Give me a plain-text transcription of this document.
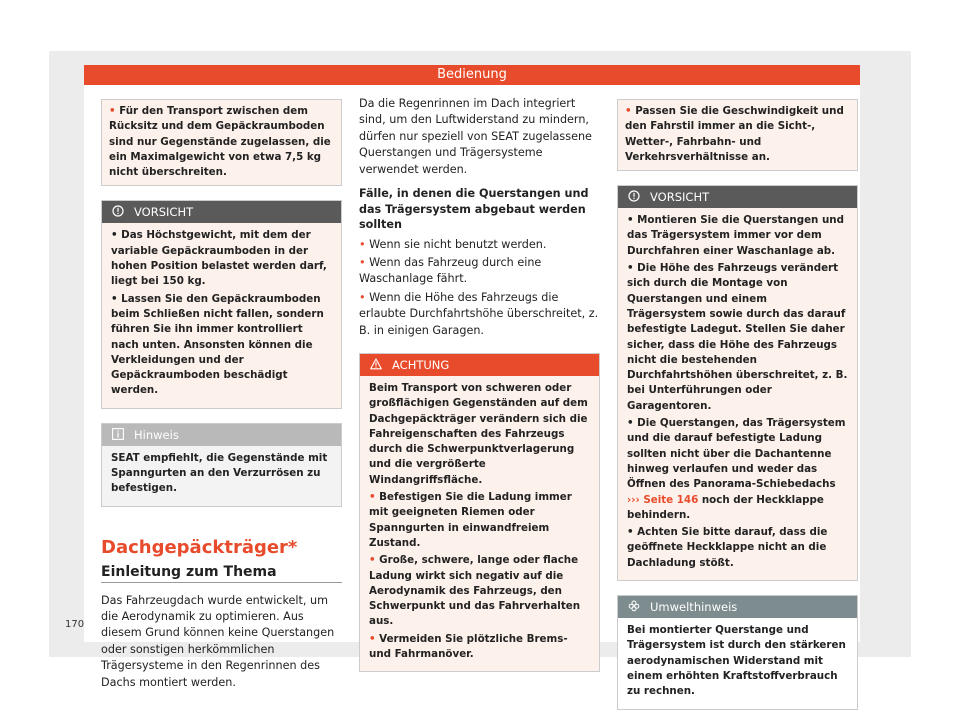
Bedienung
• Für den Transport zwischen dem Rücksitz und dem Gepäckraumboden sind nur Gegenstände zugelassen, die ein Maximalgewicht von etwa 7,5 kg nicht überschreiten.
VORSICHT

• Das Höchstgewicht, mit dem der variable Gepäckraumboden in der hohen Position belastet werden darf, liegt bei 150 kg.

• Lassen Sie den Gepäckraumboden beim Schließen nicht fallen, sondern führen Sie ihn immer kontrolliert nach unten. Ansonsten können die Verkleidungen und der Gepäckraumboden beschädigt werden.

Hinweis

SEAT empfiehlt, die Gegenstände mit Spanngurten an den Verzurrösen zu befestigen.

Dachgepäckträger*

Einleitung zum Thema

Das Fahrzeugdach wurde entwickelt, um die Aerodynamik zu optimieren. Aus diesem Grund können keine Querstangen oder sonstigen herkömmlichen Trägersysteme in den Regenrinnen des Dachs montiert werden.

Da die Regenrinnen im Dach integriert sind, um den Luftwiderstand zu mindern, dürfen nur speziell von SEAT zugelassene Querstangen und Trägersysteme verwendet werden.

Fälle, in denen die Querstangen und das Trägersystem abgebaut werden sollten

• Wenn sie nicht benutzt werden.

• Wenn das Fahrzeug durch eine Waschanlage fährt.

• Wenn die Höhe des Fahrzeugs die erlaubte Durchfahrtshöhe überschreitet, z. B. in einigen Garagen.

ACHTUNG

Beim Transport von schweren oder großflächigen Gegenständen auf dem Dachgepäckträger verändern sich die Fahreigenschaften des Fahrzeugs durch die Schwerpunktverlagerung und die vergrößerte Windangriffsfläche.

• Befestigen Sie die Ladung immer mit geeigneten Riemen oder Spanngurten in einwandfreiem Zustand.

• Große, schwere, lange oder flache Ladung wirkt sich negativ auf die Aerodynamik des Fahrzeugs, den Schwerpunkt und das Fahrverhalten aus.

• Vermeiden Sie plötzliche Brems- und Fahrmanöver.

• Passen Sie die Geschwindigkeit und den Fahrstil immer an die Sicht-, Wetter-, Fahrbahn- und Verkehrsverhältnisse an.
VORSICHT

• Montieren Sie die Querstangen und das Trägersystem immer vor dem Durchfahren einer Waschanlage ab.

• Die Höhe des Fahrzeugs verändert sich durch die Montage von Querstangen und einem Trägersystem sowie durch das darauf befestigte Ladegut. Stellen Sie daher sicher, dass die Höhe des Fahrzeugs nicht die bestehenden Durchfahrtshöhen überschreitet, z. B. bei Unterführungen oder Garagentoren.

• Die Querstangen, das Trägersystem und die darauf befestigte Ladung sollten nicht über die Dachantenne hinweg verlaufen und weder das Öffnen des Panorama-Schiebedachs ››› Seite 146 noch der Heckklappe behindern.

• Achten Sie bitte darauf, dass die geöffnete Heckklappe nicht an die Dachladung stößt.

Umwelthinweis

Bei montierter Querstange und Trägersystem ist durch den stärkeren aerodynamischen Widerstand mit einem erhöhten Kraftstoffverbrauch zu rechnen.

170
